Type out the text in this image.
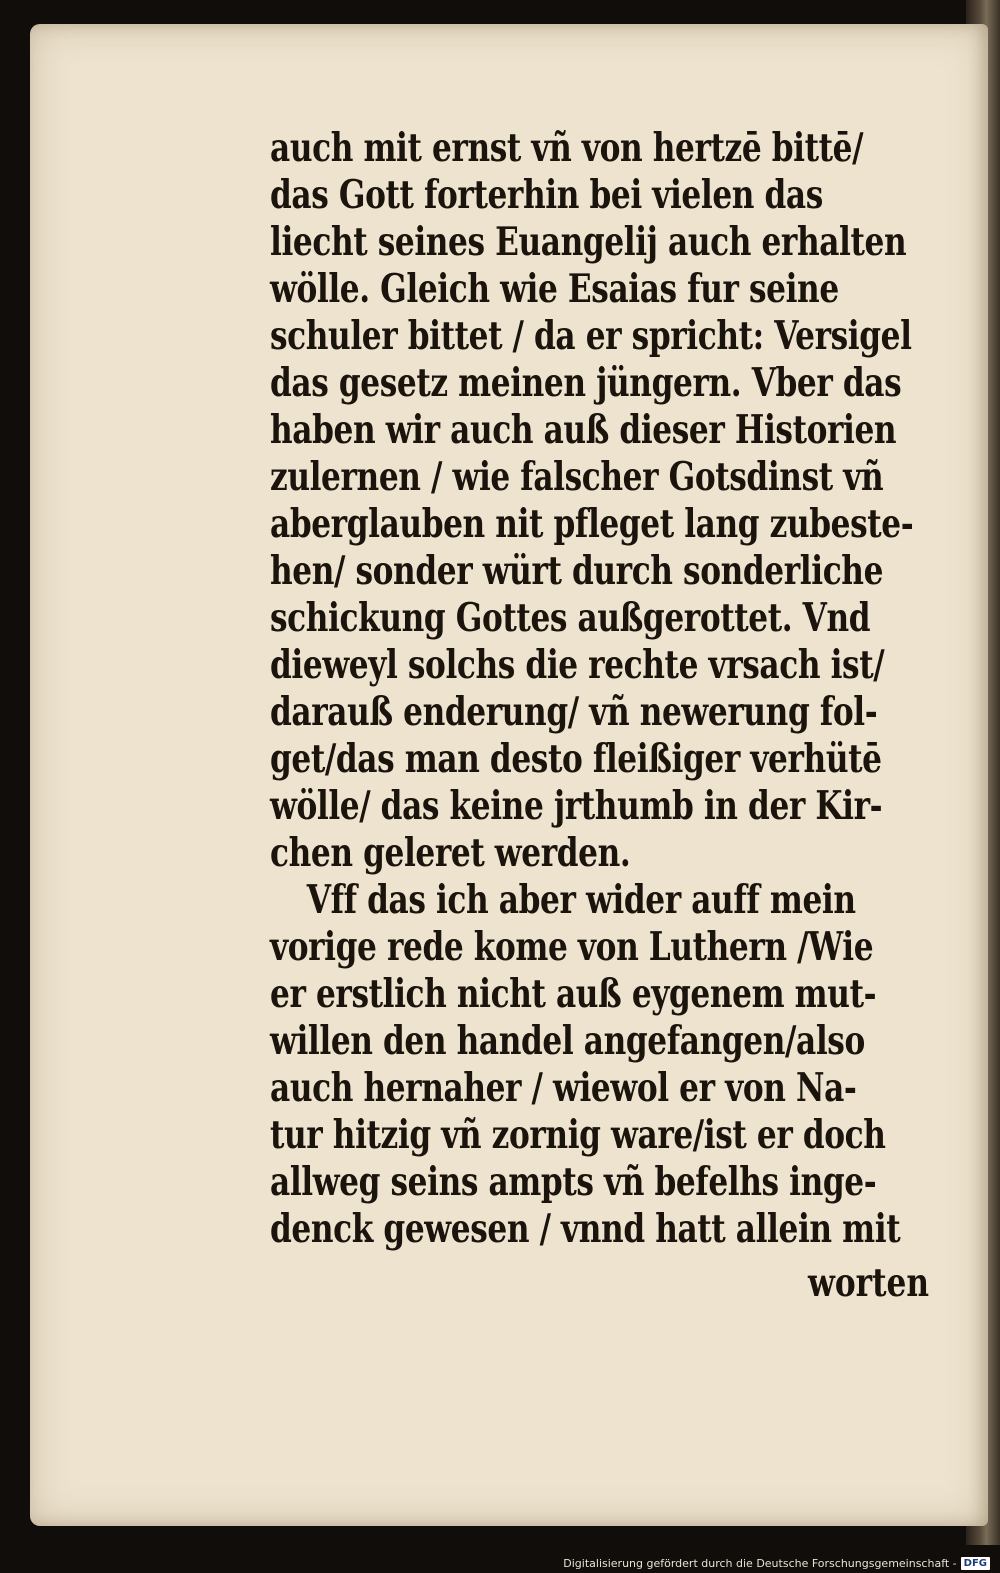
auch mit ernst vñ von hertzē bittē/
das Gott forterhin bei vielen das
liecht seines Euangelij auch erhalten
wölle. Gleich wie Esaias fur seine
schuler bittet / da er spricht: Versigel
das gesetz meinen jüngern. Vber das
haben wir auch auß dieser Historien
zulernen / wie falscher Gotsdinst vñ
aberglauben nit pfleget lang zubeste-
hen/ sonder würt durch sonderliche
schickung Gottes außgerottet. Vnd
dieweyl solchs die rechte vrsach ist/
darauß enderung/ vñ newerung fol-
get/das man desto fleißiger verhütē
wölle/ das keine jrthumb in der Kir-
chen geleret werden.
Vff das ich aber wider auff mein
vorige rede kome von Luthern /Wie
er erstlich nicht auß eygenem mut-
willen den handel angefangen/also
auch hernaher / wiewol er von Na-
tur hitzig vñ zornig ware/ist er doch
allweg seins ampts vñ befelhs inge-
denck gewesen / vnnd hatt allein mit
worten
Digitalisierung gefördert durch die Deutsche Forschungsgemeinschaft - DFG
